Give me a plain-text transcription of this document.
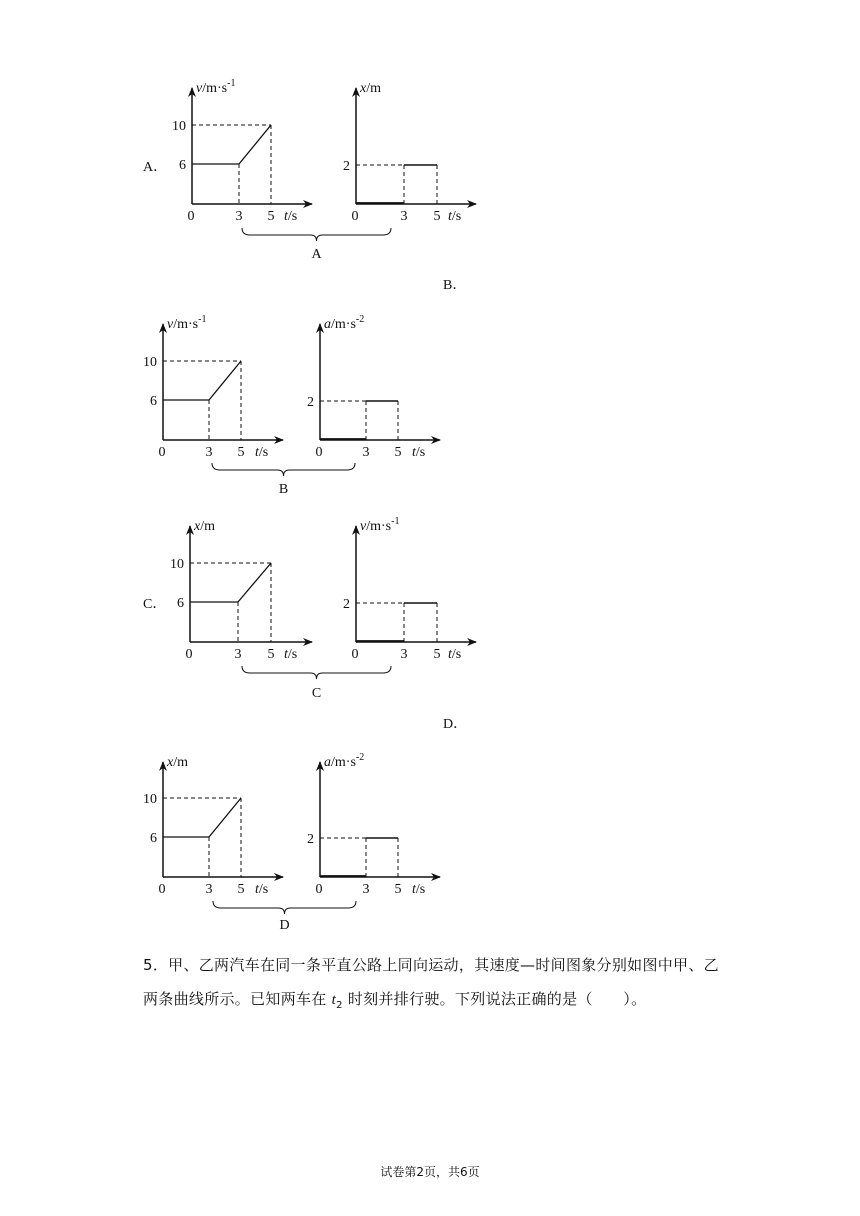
$v/m\cdot s^{-1}$
t/s
0	3 5
10
6
x/m
t/s
0	3 5
2
A
$v/m\cdot s^{-1}$
t/s
0	3 5
10
6
$a/m\cdot s^{-2}$
t/s
0	3 5
2
B
x/m
t/s
0	3 5
10
6
$v/m\cdot s^{-1}$
t/s
0	3 5
2
C
x/m
t/s
0	3 5
10
6
$a/m\cdot s^{-2}$
t/s
0	3 5
2
D
A．
B．
C．
D．

5．甲、乙两汽车在同一条平直公路上同向运动，其速度—时间图象分别如图中甲、乙

两条曲线所示。已知两车在 $t_2$ 时刻并排行驶。下列说法正确的是（　　）。

试卷第2页，共6页
